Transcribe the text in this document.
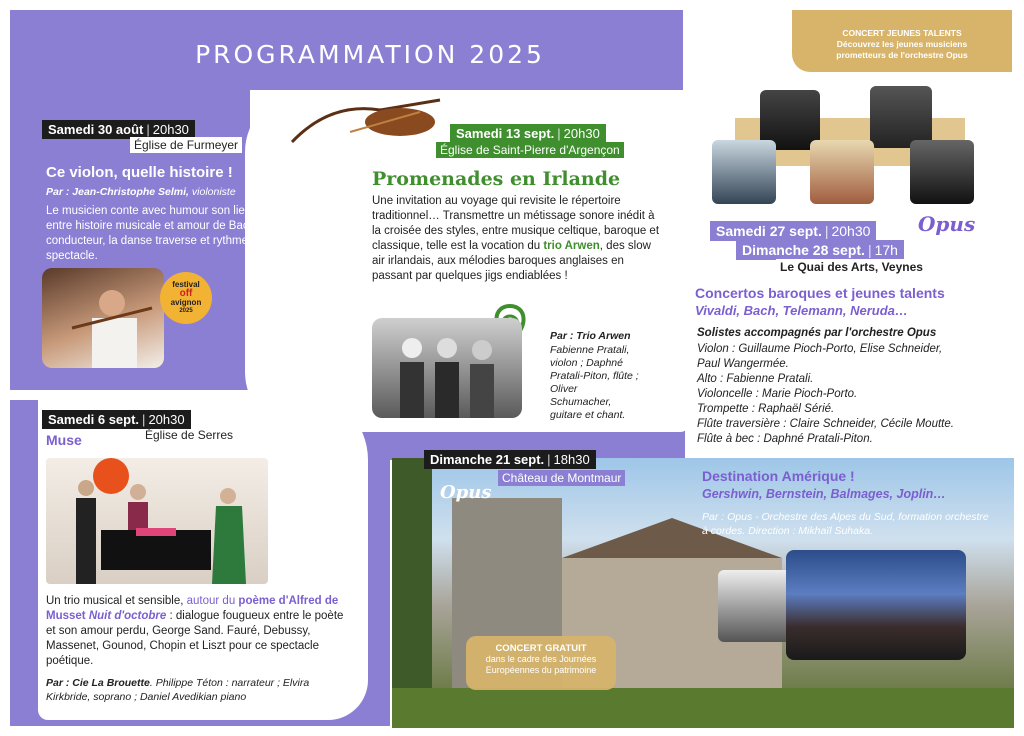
PROGRAMMATION 2025
CONCERT JEUNES TALENTS
Découvrez les jeunes musiciens
prometteurs de l'orchestre Opus
Samedi 30 août | 20h30
Église de Furmeyer
Ce violon, quelle histoire !
Par : Jean-Christophe Selmi, violoniste
Le musicien conte avec humour son lien au violon, entre histoire musicale et amour de Bach… Fil conducteur, la danse traverse et rythme ce spectacle.
festival
off
avignon
2025
Samedi 13 sept. | 20h30
Église de Saint-Pierre d'Argençon
Promenades en Irlande
Une invitation au voyage qui revisite le répertoire traditionnel… Transmettre un métissage sonore inédit à la croisée des styles, entre musique celtique, baroque et classique, telle est la vocation du trio Arwen, des slow air irlandais, aux mélodies baroques anglaises en passant par quelques jigs endiablées !
Par : Trio Arwen
Fabienne Pratali, violon ; Daphné Pratali-Piton, flûte ; Oliver Schumacher, guitare et chant.
Samedi 27 sept. | 20h30
Dimanche 28 sept. | 17h
Le Quai des Arts, Veynes
Opus
Concertos baroques et jeunes talents
Vivaldi, Bach, Telemann, Neruda…
Solistes accompagnés par l'orchestre Opus
Violon : Guillaume Pioch-Porto, Elise Schneider,
Paul Wangermée.
Alto : Fabienne Pratali.
Violoncelle : Marie Pioch-Porto.
Trompette : Raphaël Sérié.
Flûte traversière : Claire Schneider, Cécile Moutte.
Flûte à bec : Daphné Pratali-Piton.
Samedi 6 sept. | 20h30
Muse	Église de Serres
Un trio musical et sensible, autour du poème d'Alfred de Musset Nuit d'octobre : dialogue fougueux entre le poète et son amour perdu, George Sand. Fauré, Debussy, Massenet, Gounod, Chopin et Liszt pour ce spectacle poétique.
Par : Cie La Brouette. Philippe Téton : narrateur ; Elvira Kirkbride, soprano ; Daniel Avedikian piano
Dimanche 21 sept. | 18h30
Château de Montmaur
Opus
Destination Amérique !
Gershwin, Bernstein, Balmages, Joplin…
Par : Opus - Orchestre des Alpes du Sud, formation orchestre à cordes. Direction : Mikhaïl Suhaka.
CONCERT GRATUIT
dans le cadre des Journées
Européennes du patrimoine
